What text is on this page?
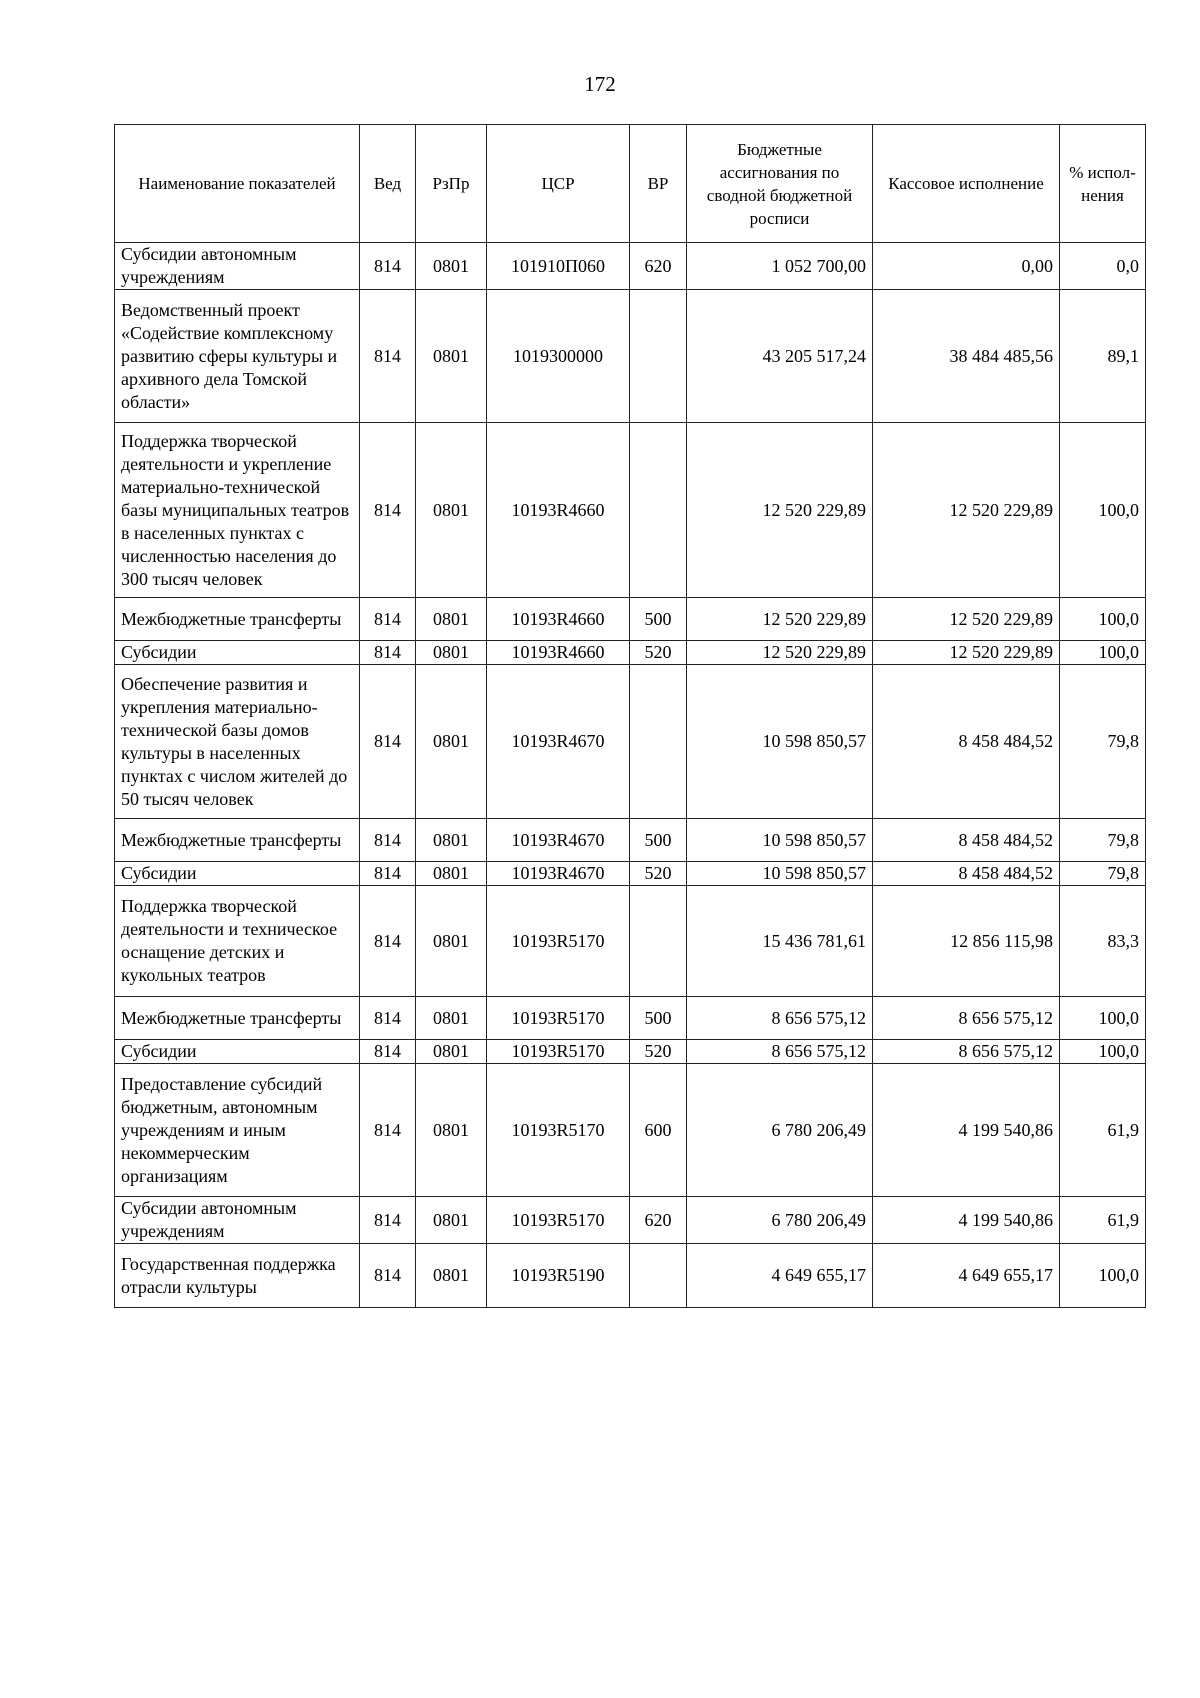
172
Наименование показателей	Вед	РзПр	ЦСР	ВР	Бюджетные ассигнования по сводной бюджетной росписи	Кассовое исполнение	% испол-нения
Субсидии автономным учреждениям	814	0801	101910П060	620	1 052 700,00	0,00	0,0
Ведомственный проект «Содействие комплексному развитию сферы культуры и архивного дела Томской области»	814	0801	1019300000		43 205 517,24	38 484 485,56	89,1
Поддержка творческой деятельности и укрепление материально-технической базы муниципальных театров в населенных пунктах с численностью населения до 300 тысяч человек	814	0801	10193R4660		12 520 229,89	12 520 229,89	100,0
Межбюджетные трансферты	814	0801	10193R4660	500	12 520 229,89	12 520 229,89	100,0
Субсидии	814	0801	10193R4660	520	12 520 229,89	12 520 229,89	100,0
Обеспечение развития и укрепления материально-технической базы домов культуры в населенных пунктах с числом жителей до 50 тысяч человек	814	0801	10193R4670		10 598 850,57	8 458 484,52	79,8
Межбюджетные трансферты	814	0801	10193R4670	500	10 598 850,57	8 458 484,52	79,8
Субсидии	814	0801	10193R4670	520	10 598 850,57	8 458 484,52	79,8
Поддержка творческой деятельности и техническое оснащение детских и кукольных театров	814	0801	10193R5170		15 436 781,61	12 856 115,98	83,3
Межбюджетные трансферты	814	0801	10193R5170	500	8 656 575,12	8 656 575,12	100,0
Субсидии	814	0801	10193R5170	520	8 656 575,12	8 656 575,12	100,0
Предоставление субсидий бюджетным, автономным учреждениям и иным некоммерческим организациям	814	0801	10193R5170	600	6 780 206,49	4 199 540,86	61,9
Субсидии автономным учреждениям	814	0801	10193R5170	620	6 780 206,49	4 199 540,86	61,9
Государственная поддержка отрасли культуры	814	0801	10193R5190		4 649 655,17	4 649 655,17	100,0
